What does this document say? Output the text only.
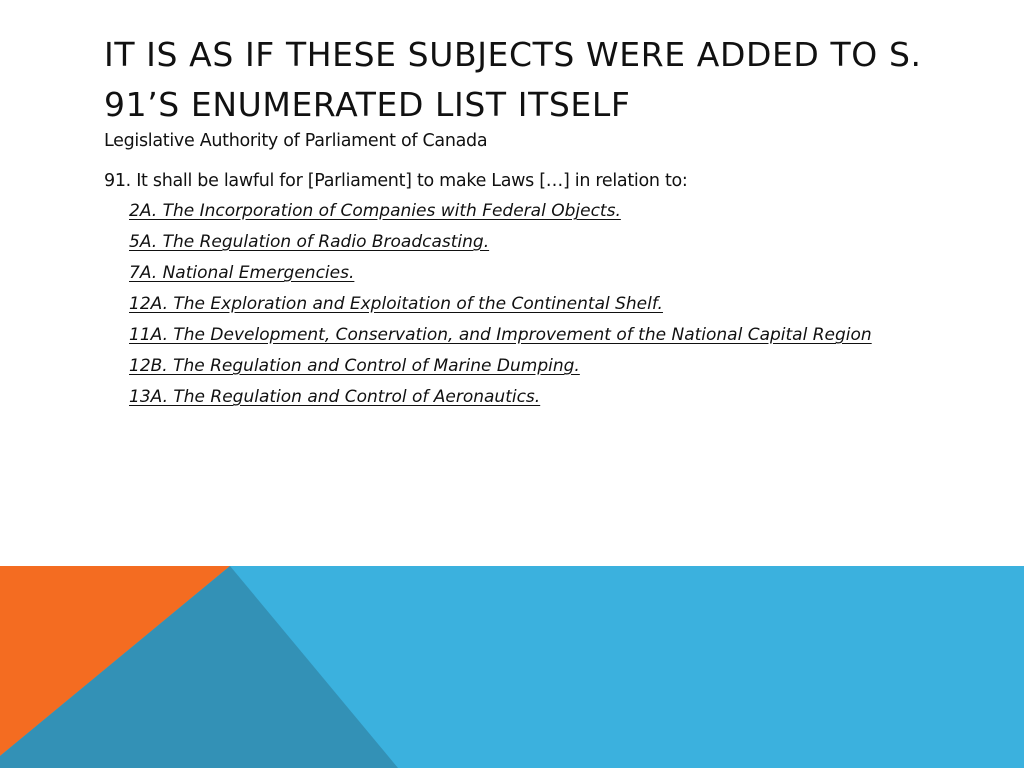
IT IS AS IF THESE SUBJECTS WERE ADDED TO S. 91’S ENUMERATED LIST ITSELF

Legislative Authority of Parliament of Canada

91. It shall be lawful for [Parliament] to make Laws […] in relation to:

2A. The Incorporation of Companies with Federal Objects.
5A. The Regulation of Radio Broadcasting.
7A. National Emergencies.
12A. The Exploration and Exploitation of the Continental Shelf.
11A. The Development, Conservation, and Improvement of the National Capital Region
12B. The Regulation and Control of Marine Dumping.
13A. The Regulation and Control of Aeronautics.
